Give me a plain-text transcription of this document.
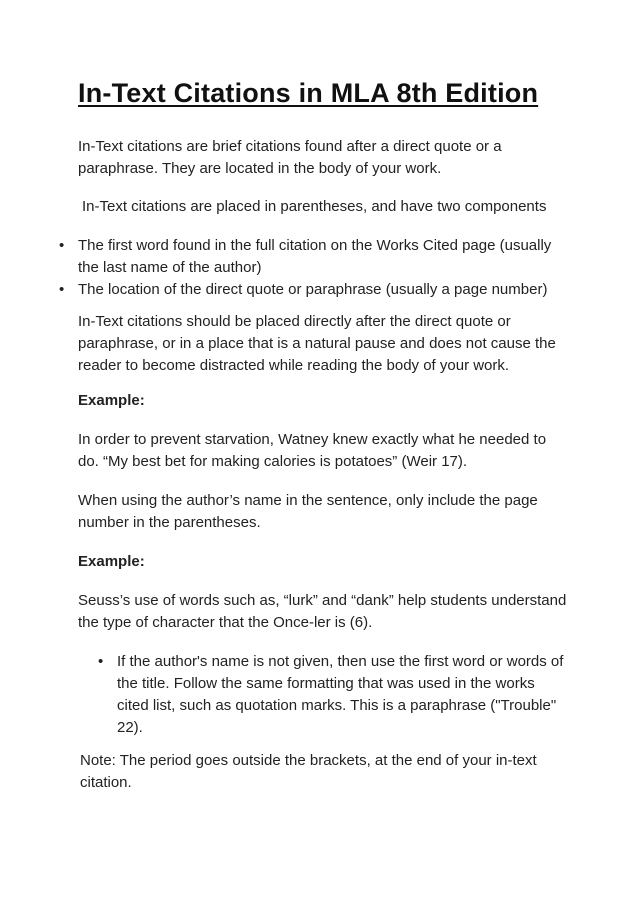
In-Text Citations in MLA 8th Edition

In-Text citations are brief citations found after a direct quote or a paraphrase. They are located in the body of your work.

In-Text citations are placed in parentheses, and have two components

• The first word found in the full citation on the Works Cited page (usually the last name of the author)
• The location of the direct quote or paraphrase (usually a page number)

In-Text citations should be placed directly after the direct quote or paraphrase, or in a place that is a natural pause and does not cause the reader to become distracted while reading the body of your work.

Example:

In order to prevent starvation, Watney knew exactly what he needed to do. “My best bet for making calories is potatoes” (Weir 17).

When using the author’s name in the sentence, only include the page number in the parentheses.

Example:

Seuss’s use of words such as, “lurk” and “dank” help students understand the type of character that the Once-ler is (6).

• If the author's name is not given, then use the first word or words of the title. Follow the same formatting that was used in the works cited list, such as quotation marks. This is a paraphrase ("Trouble" 22).

Note: The period goes outside the brackets, at the end of your in-text citation.
